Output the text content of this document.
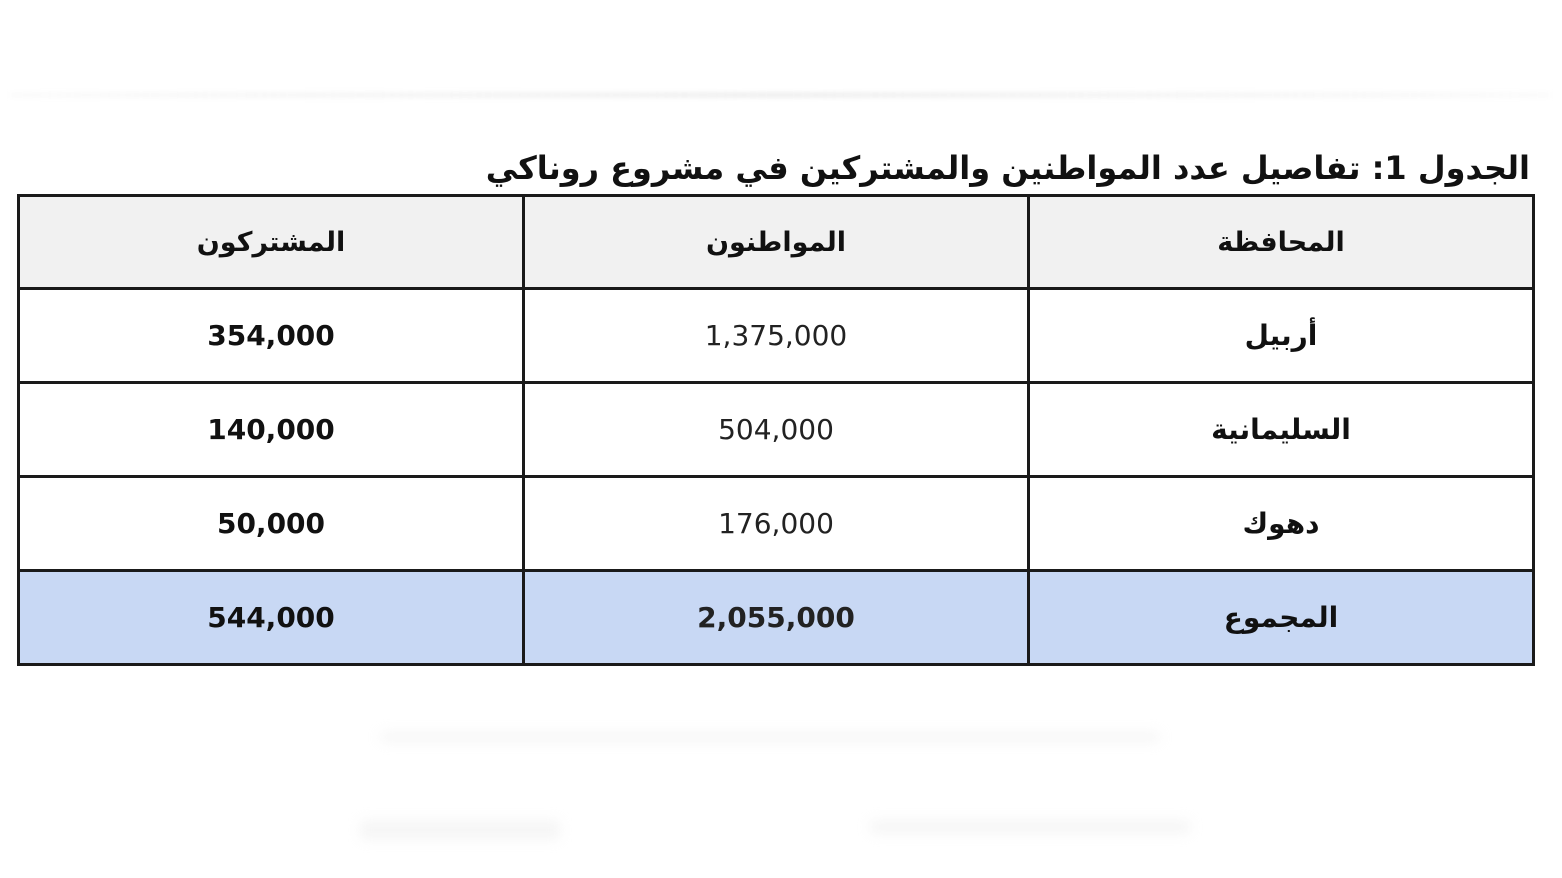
الجدول 1: تفاصيل عدد المواطنين والمشتركين في مشروع روناكي
المشتركون	المواطنون	المحافظة
354,000	1,375,000	أربيل
140,000	504,000	السليمانية
50,000	176,000	دهوك
544,000	2,055,000	المجموع
